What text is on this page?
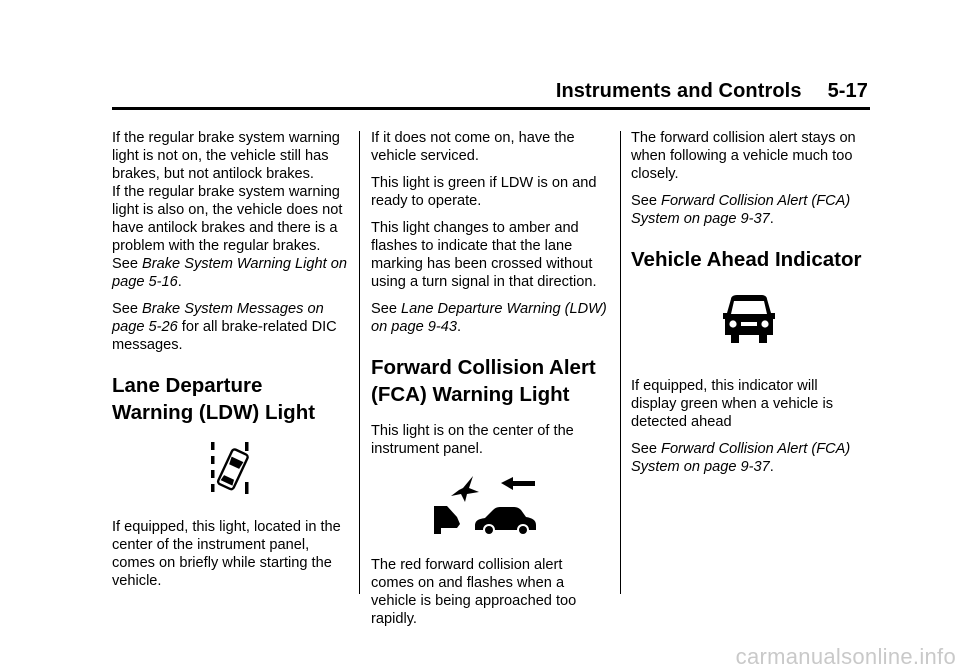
Instruments and Controls 5-17

If the regular brake system warning light is not on, the vehicle still has brakes, but not antilock brakes.

If the regular brake system warning light is also on, the vehicle does not have antilock brakes and there is a problem with the regular brakes.

See Brake System Warning Light on page 5-16.

See Brake System Messages on page 5-26 for all brake-related DIC messages.

Lane Departure Warning (LDW) Light

If equipped, this light, located in the center of the instrument panel, comes on briefly while starting the vehicle.

If it does not come on, have the vehicle serviced.

This light is green if LDW is on and ready to operate.

This light changes to amber and flashes to indicate that the lane marking has been crossed without using a turn signal in that direction.

See Lane Departure Warning (LDW) on page 9-43.

Forward Collision Alert (FCA) Warning Light

This light is on the center of the instrument panel.

The red forward collision alert comes on and flashes when a vehicle is being approached too rapidly.

The forward collision alert stays on when following a vehicle much too closely.

See Forward Collision Alert (FCA) System on page 9-37.

Vehicle Ahead Indicator

If equipped, this indicator will display green when a vehicle is detected ahead

See Forward Collision Alert (FCA) System on page 9-37.

carmanualsonline.info
